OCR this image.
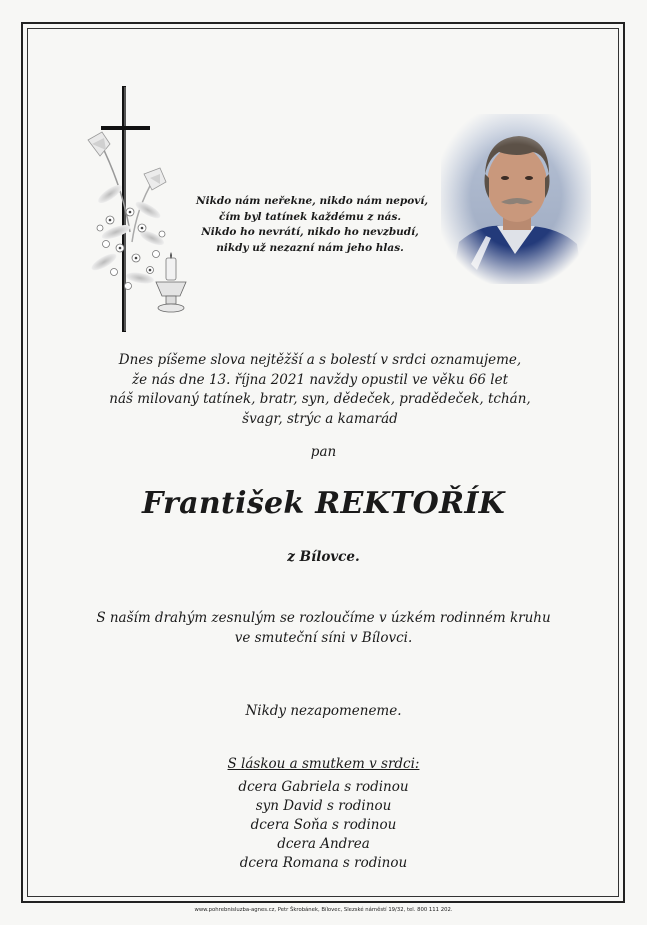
Nikdo nám neřekne, nikdo nám nepoví,
čím byl tatínek každému z nás.
Nikdo ho nevrátí, nikdo ho nevzbudí,
nikdy už nezazní nám jeho hlas.
Dnes píšeme slova nejtěžší a s bolestí v srdci oznamujeme,
že nás dne 13. října 2021 navždy opustil ve věku 66 let
náš milovaný tatínek, bratr, syn, dědeček, pradědeček, tchán,
švagr, strýc a kamarád
pan
František REKTOŘÍK
z Bílovce.
S naším drahým zesnulým se rozloučíme v úzkém rodinném kruhu
ve smuteční síni v Bílovci.
Nikdy nezapomeneme.
S láskou a smutkem v srdci:
dcera Gabriela s rodinou
syn David s rodinou
dcera Soňa s rodinou
dcera Andrea
dcera Romana s rodinou
www.pohrebnisluzba-agnes.cz, Petr Škrobánek, Bílovec, Slezské náměstí 19/32, tel. 800 111 202.
